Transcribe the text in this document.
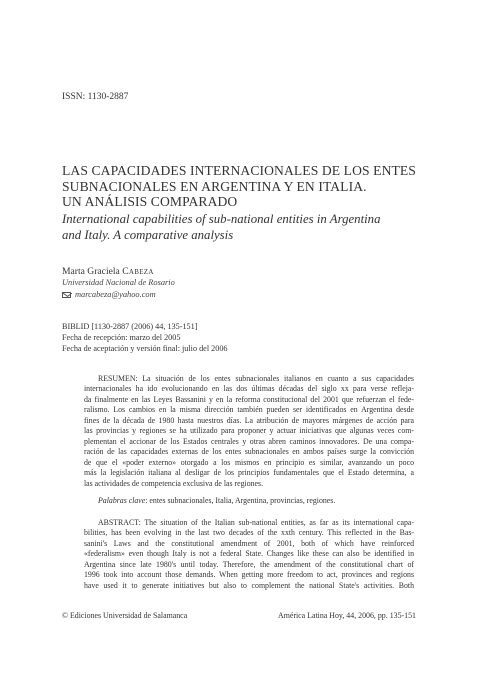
ISSN: 1130-2887
LAS CAPACIDADES INTERNACIONALES DE LOS ENTES
SUBNACIONALES EN ARGENTINA Y EN ITALIA.
UN ANÁLISIS COMPARADO
International capabilities of sub-national entities in Argentina
and Italy. A comparative analysis
Marta Graciela Cabeza
Universidad Nacional de Rosario
marcabeza@yahoo.com
BIBLID [1130-2887 (2006) 44, 135-151]
Fecha de recepción: marzo del 2005
Fecha de aceptación y versión final: julio del 2006
RESUMEN: La situación de los entes subnacionales italianos en cuanto a sus capacidades
internacionales ha ido evolucionando en las dos últimas décadas del siglo xx para verse refleja-
da finalmente en las Leyes Bassanini y en la reforma constitucional del 2001 que refuerzan el fede-
ralismo. Los cambios en la misma dirección también pueden ser identificados en Argentina desde
fines de la década de 1980 hasta nuestros días. La atribución de mayores márgenes de acción para
las provincias y regiones se ha utilizado para proponer y actuar iniciativas que algunas veces com-
plementan el accionar de los Estados centrales y otras abren caminos innovadores. De una compa-
ración de las capacidades externas de los entes subnacionales en ambos países surge la convicción
de que el «poder externo» otorgado a los mismos en principio es similar, avanzando un poco
más la legislación italiana al desligar de los principios fundamentales que el Estado determina, a
las actividades de competencia exclusiva de las regiones.
Palabras clave: entes subnacionales, Italia, Argentina, provincias, regiones.
ABSTRACT: The situation of the Italian sub-national entities, as far as its international capa-
bilities, has been evolving in the last two decades of the xxth century. This reflected in the Bas-
sanini's Laws and the constitutional amendment of 2001, both of which have reinforced
«federalism» even though Italy is not a federal State. Changes like these can also be identified in
Argentina since late 1980's until today. Therefore, the amendment of the constitutional chart of
1996 took into account those demands. When getting more freedom to act, provinces and regions
have used it to generate initiatives but also to complement the national State's activities. Both
© Ediciones Universidad de Salamanca	América Latina Hoy, 44, 2006, pp. 135-151
